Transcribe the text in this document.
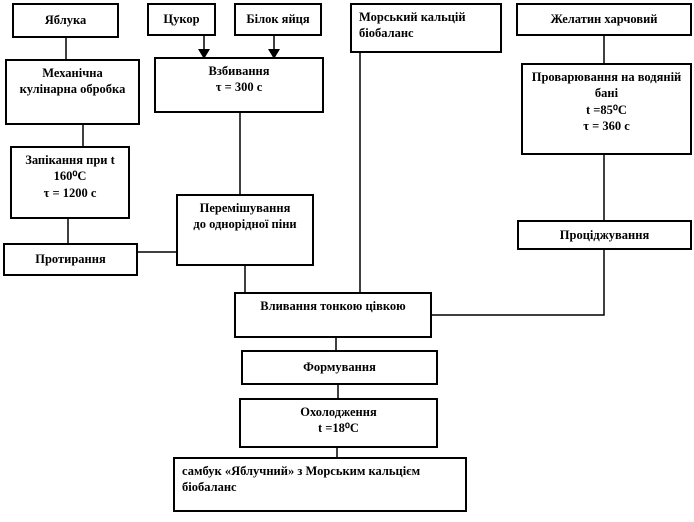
Яблука	Цукор	Білок яйця	Морський кальцій
біобаланс
Желатин харчовий
Механічна
кулінарна обробка
Взбивання
τ = 300 с
Проварювання на водяній
бані
t =85⁰С
τ = 360 с
Запікання при t
160⁰С
τ = 1200 с
Перемішування
до однорідної піни
Проціджування
Протирання
Вливання тонкою цівкою
Формування
Охолодження
t =18⁰С
самбук «Яблучний» з Морським кальцієм
біобаланс
